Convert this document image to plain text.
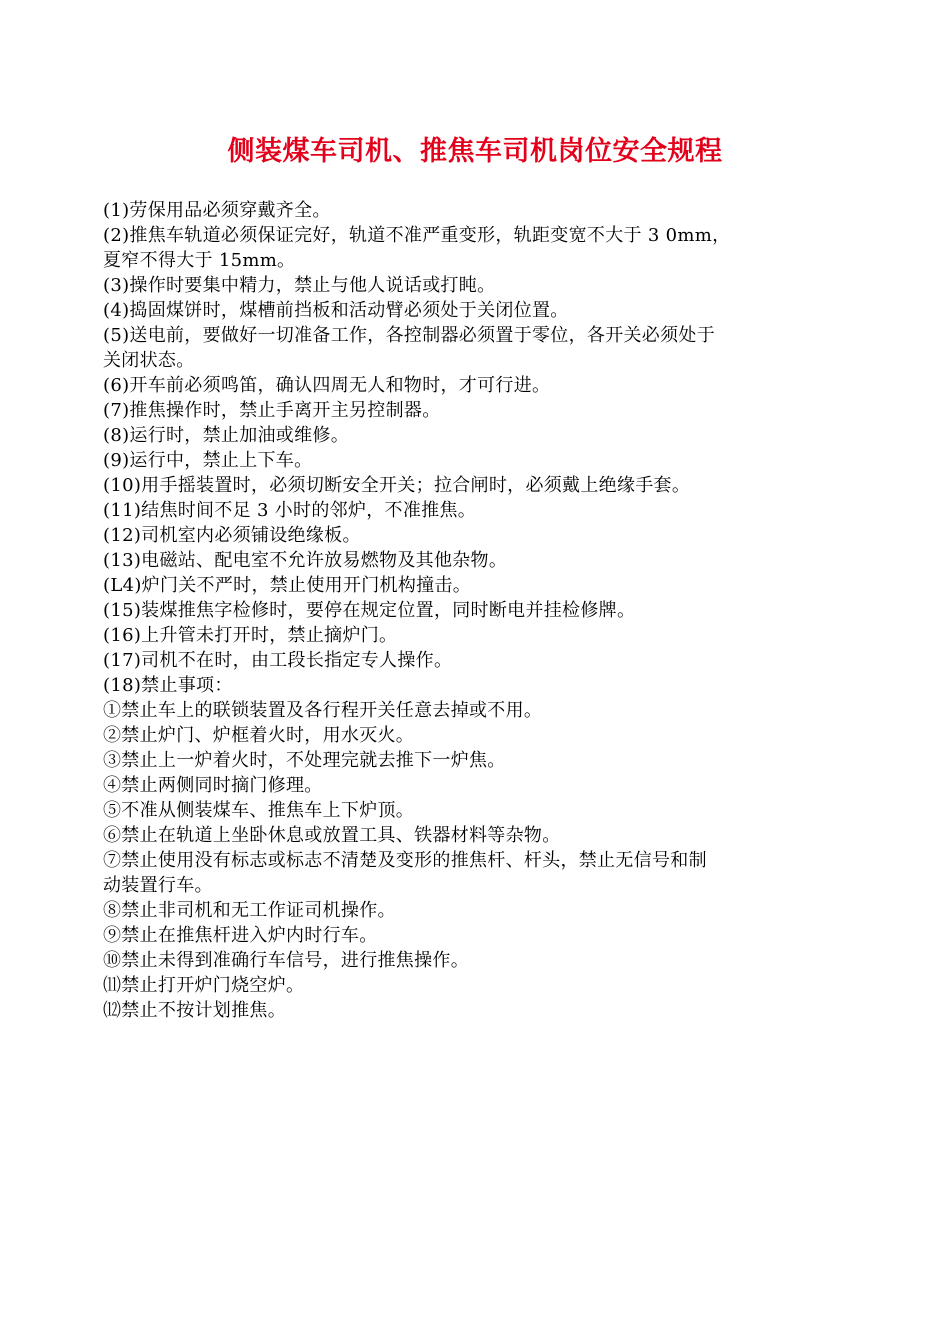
侧装煤车司机、推焦车司机岗位安全规程
(1)劳保用品必须穿戴齐全。
(2)推焦车轨道必须保证完好，轨道不准严重变形，轨距变宽不大于 3 0mm，
夏窄不得大于 15mm。
(3)操作时要集中精力，禁止与他人说话或打盹。
(4)捣固煤饼时，煤槽前挡板和活动臂必须处于关闭位置。
(5)送电前，要做好一切准备工作，各控制器必须置于零位，各开关必须处于
关闭状态。
(6)开车前必须鸣笛，确认四周无人和物时，才可行进。
(7)推焦操作时，禁止手离开主另控制器。
(8)运行时，禁止加油或维修。
(9)运行中，禁止上下车。
(10)用手摇装置时，必须切断安全开关；拉合闸时，必须戴上绝缘手套。
(11)结焦时间不足 3 小时的邻炉，不准推焦。
(12)司机室内必须铺设绝缘板。
(13)电磁站、配电室不允许放易燃物及其他杂物。
(L4)炉门关不严时，禁止使用开门机构撞击。
(15)装煤推焦字检修时，要停在规定位置，同时断电并挂检修牌。
(16)上升管未打开时，禁止摘炉门。
(17)司机不在时，由工段长指定专人操作。
(18)禁止事项：
①禁止车上的联锁装置及各行程开关任意去掉或不用。
②禁止炉门、炉框着火时，用水灭火。
③禁止上一炉着火时，不处理完就去推下一炉焦。
④禁止两侧同时摘门修理。
⑤不准从侧装煤车、推焦车上下炉顶。
⑥禁止在轨道上坐卧休息或放置工具、铁器材料等杂物。
⑦禁止使用没有标志或标志不清楚及变形的推焦杆、杆头，禁止无信号和制
动装置行车。
⑧禁止非司机和无工作证司机操作。
⑨禁止在推焦杆进入炉内时行车。
⑩禁止未得到准确行车信号，进行推焦操作。
⑾禁止打开炉门烧空炉。
⑿禁止不按计划推焦。
